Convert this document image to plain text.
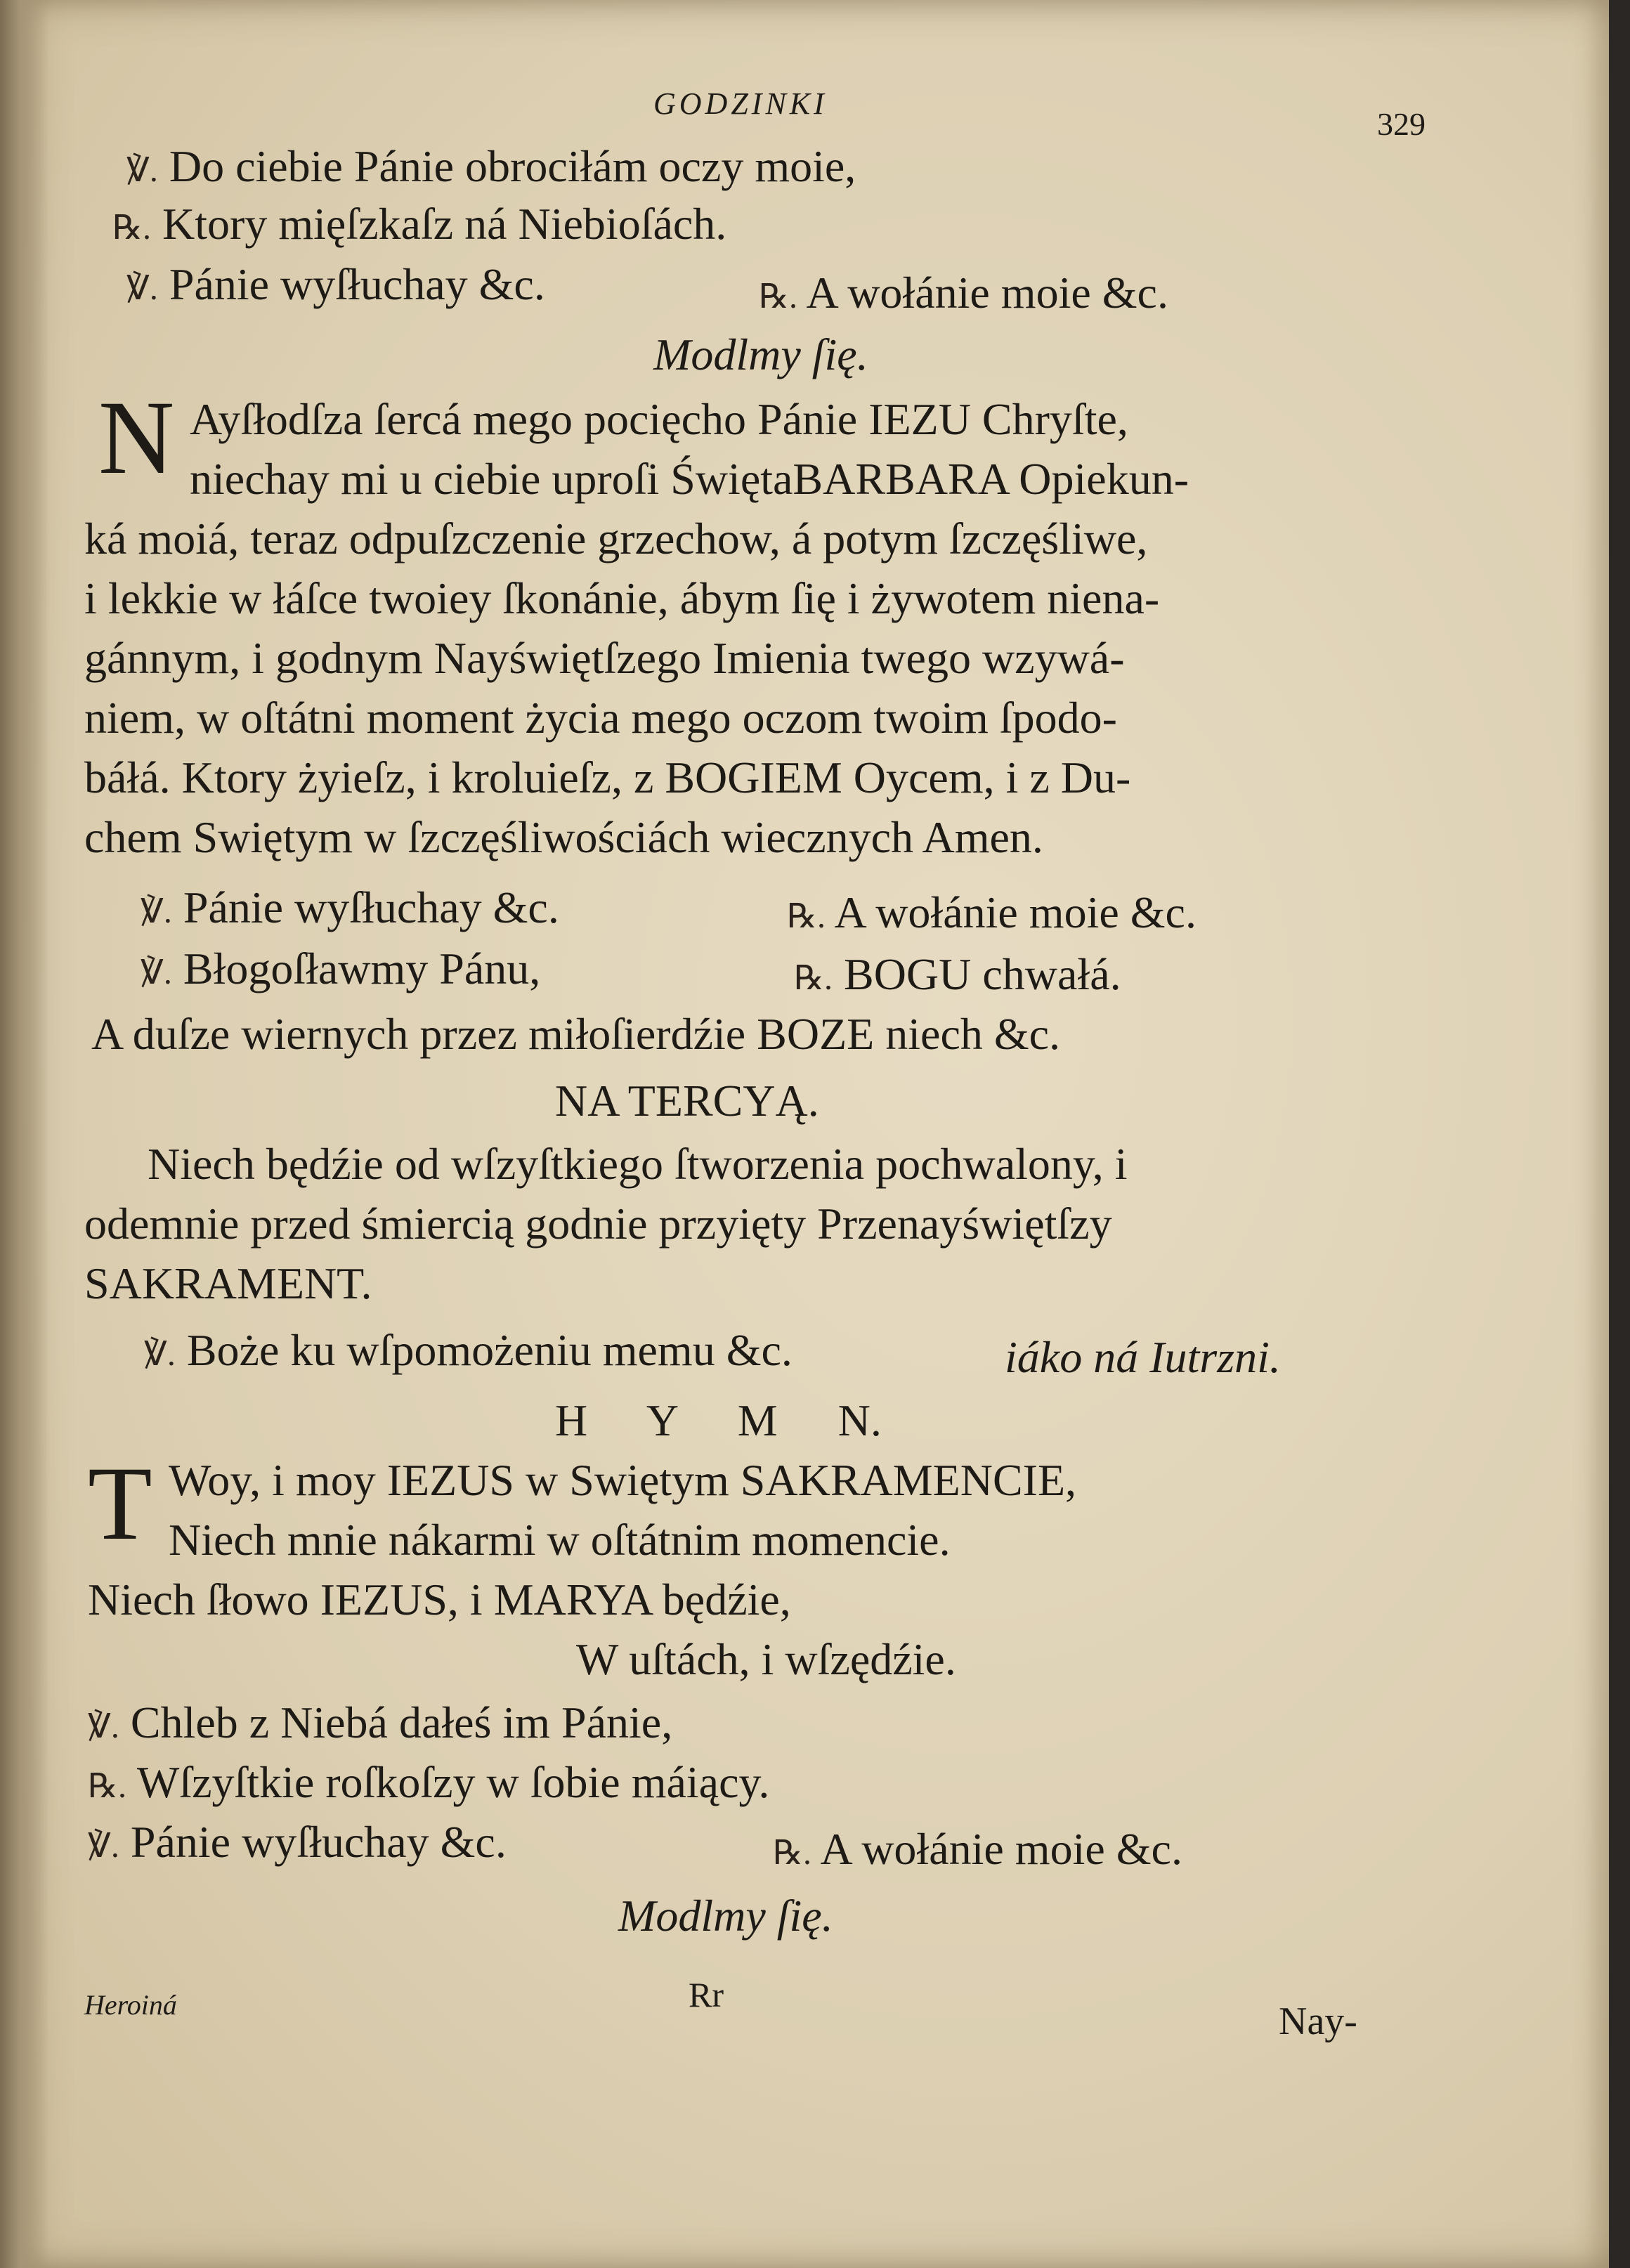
GODZINKI
329
℣. Do ciebie Pánie obrociłám oczy moie,
℞. Ktory mięſzkaſz ná Niebioſách.
℣. Pánie wyſłuchay &c.	℞. A wołánie moie &c.
Modlmy ſię.
N Ayſłodſza ſercá mego pocięcho Pánie IEZU Chryſte,
niechay mi u ciebie uproſi ŚwiętaBARBARA Opiekun-
ká moiá, teraz odpuſzczenie grzechow, á potym ſzczęśliwe,
i lekkie w łáſce twoiey ſkonánie, ábym ſię i żywotem niena-
gánnym, i godnym Nayświętſzego Imienia twego wzywá-
niem, w oſtátni moment życia mego oczom twoim ſpodo-
báłá. Ktory żyieſz, i kroluieſz, z BOGIEM Oycem, i z Du-
chem Swiętym w ſzczęśliwościách wiecznych Amen.
℣. Pánie wyſłuchay &c.	℞. A wołánie moie &c.
℣. Błogoſławmy Pánu,	℞. BOGU chwałá.
A duſze wiernych przez miłoſierdźie BOZE niech &c.
NA TERCYĄ.
Niech będźie od wſzyſtkiego ſtworzenia pochwalony, i
odemnie przed śmiercią godnie przyięty Przenayświętſzy
SAKRAMENT.
℣. Boże ku wſpomożeniu memu &c.	iáko ná Iutrzni.
H Y M N.
T Woy, i moy IEZUS w Swiętym SAKRAMENCIE,
Niech mnie nákarmi w oſtátnim momencie.
Niech ſłowo IEZUS, i MARYA będźie,
W uſtách, i wſzędźie.
℣. Chleb z Niebá dałeś im Pánie,
℞. Wſzyſtkie roſkoſzy w ſobie máiący.
℣. Pánie wyſłuchay &c.	℞. A wołánie moie &c.
Modlmy ſię.
Heroiná	Rr
Nay-
